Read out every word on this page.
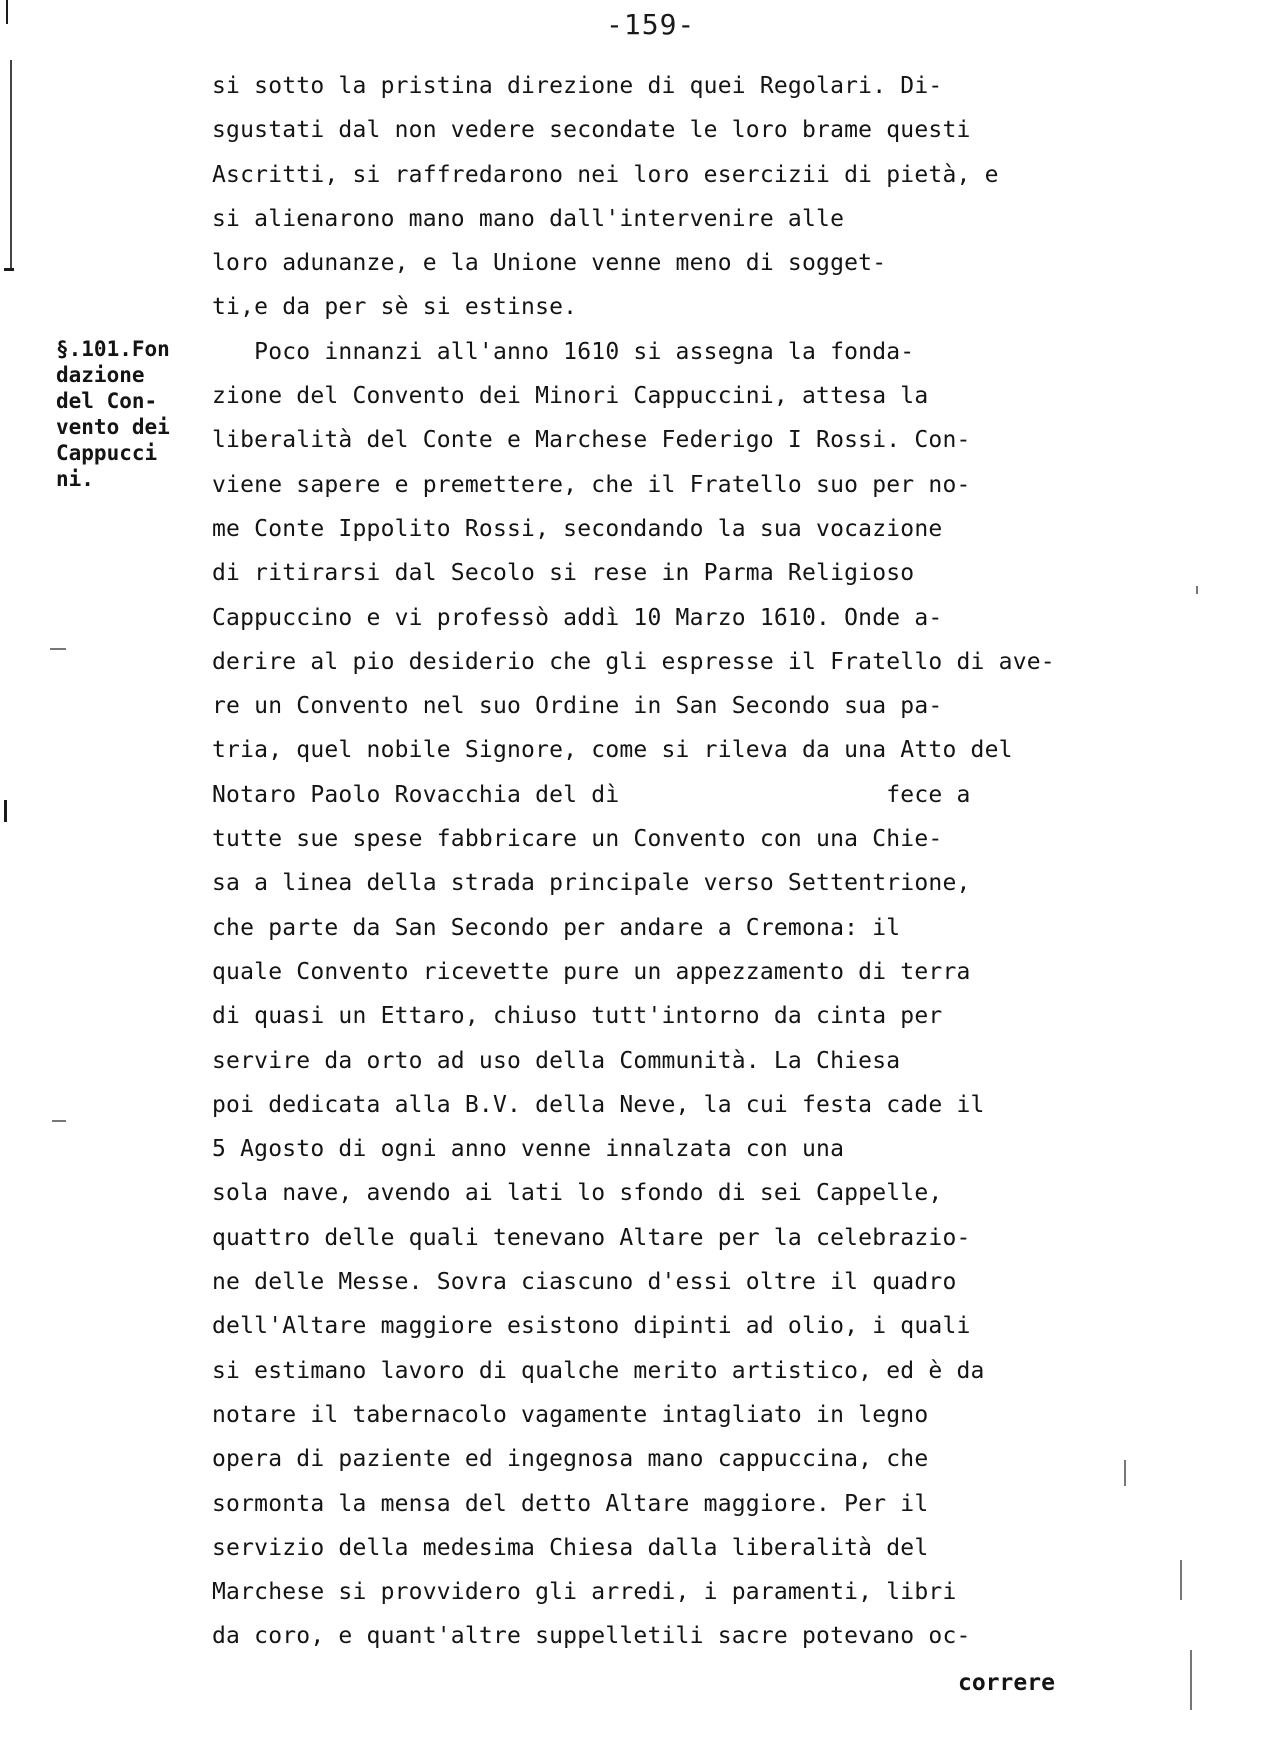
-159-
§.101.Fon
dazione
del Con-
vento dei
Cappucci
ni.
si sotto la pristina direzione di quei Regolari. Di-
sgustati dal non vedere secondate le loro brame questi
Ascritti, si raffredarono nei loro esercizii di pietà, e
si alienarono mano mano dall'intervenire alle
loro adunanze, e la Unione venne meno di sogget-
ti,e da per sè si estinse.
Poco innanzi all'anno 1610 si assegna la fonda-
zione del Convento dei Minori Cappuccini, attesa la
liberalità del Conte e Marchese Federigo I Rossi. Con-
viene sapere e premettere, che il Fratello suo per no-
me Conte Ippolito Rossi, secondando la sua vocazione
di ritirarsi dal Secolo si rese in Parma Religioso
Cappuccino e vi professò addì 10 Marzo 1610. Onde a-
derire al pio desiderio che gli espresse il Fratello di ave-
re un Convento nel suo Ordine in San Secondo sua pa-
tria, quel nobile Signore, come si rileva da una Atto del
Notaro Paolo Rovacchia del dì                   fece a
tutte sue spese fabbricare un Convento con una Chie-
sa a linea della strada principale verso Settentrione,
che parte da San Secondo per andare a Cremona: il
quale Convento ricevette pure un appezzamento di terra
di quasi un Ettaro, chiuso tutt'intorno da cinta per
servire da orto ad uso della Communità. La Chiesa
poi dedicata alla B.V. della Neve, la cui festa cade il
5 Agosto di ogni anno venne innalzata con una
sola nave, avendo ai lati lo sfondo di sei Cappelle,
quattro delle quali tenevano Altare per la celebrazio-
ne delle Messe. Sovra ciascuno d'essi oltre il quadro
dell'Altare maggiore esistono dipinti ad olio, i quali
si estimano lavoro di qualche merito artistico, ed è da
notare il tabernacolo vagamente intagliato in legno
opera di paziente ed ingegnosa mano cappuccina, che
sormonta la mensa del detto Altare maggiore. Per il
servizio della medesima Chiesa dalla liberalità del
Marchese si provvidero gli arredi, i paramenti, libri
da coro, e quant'altre suppelletili sacre potevano oc-
correre
